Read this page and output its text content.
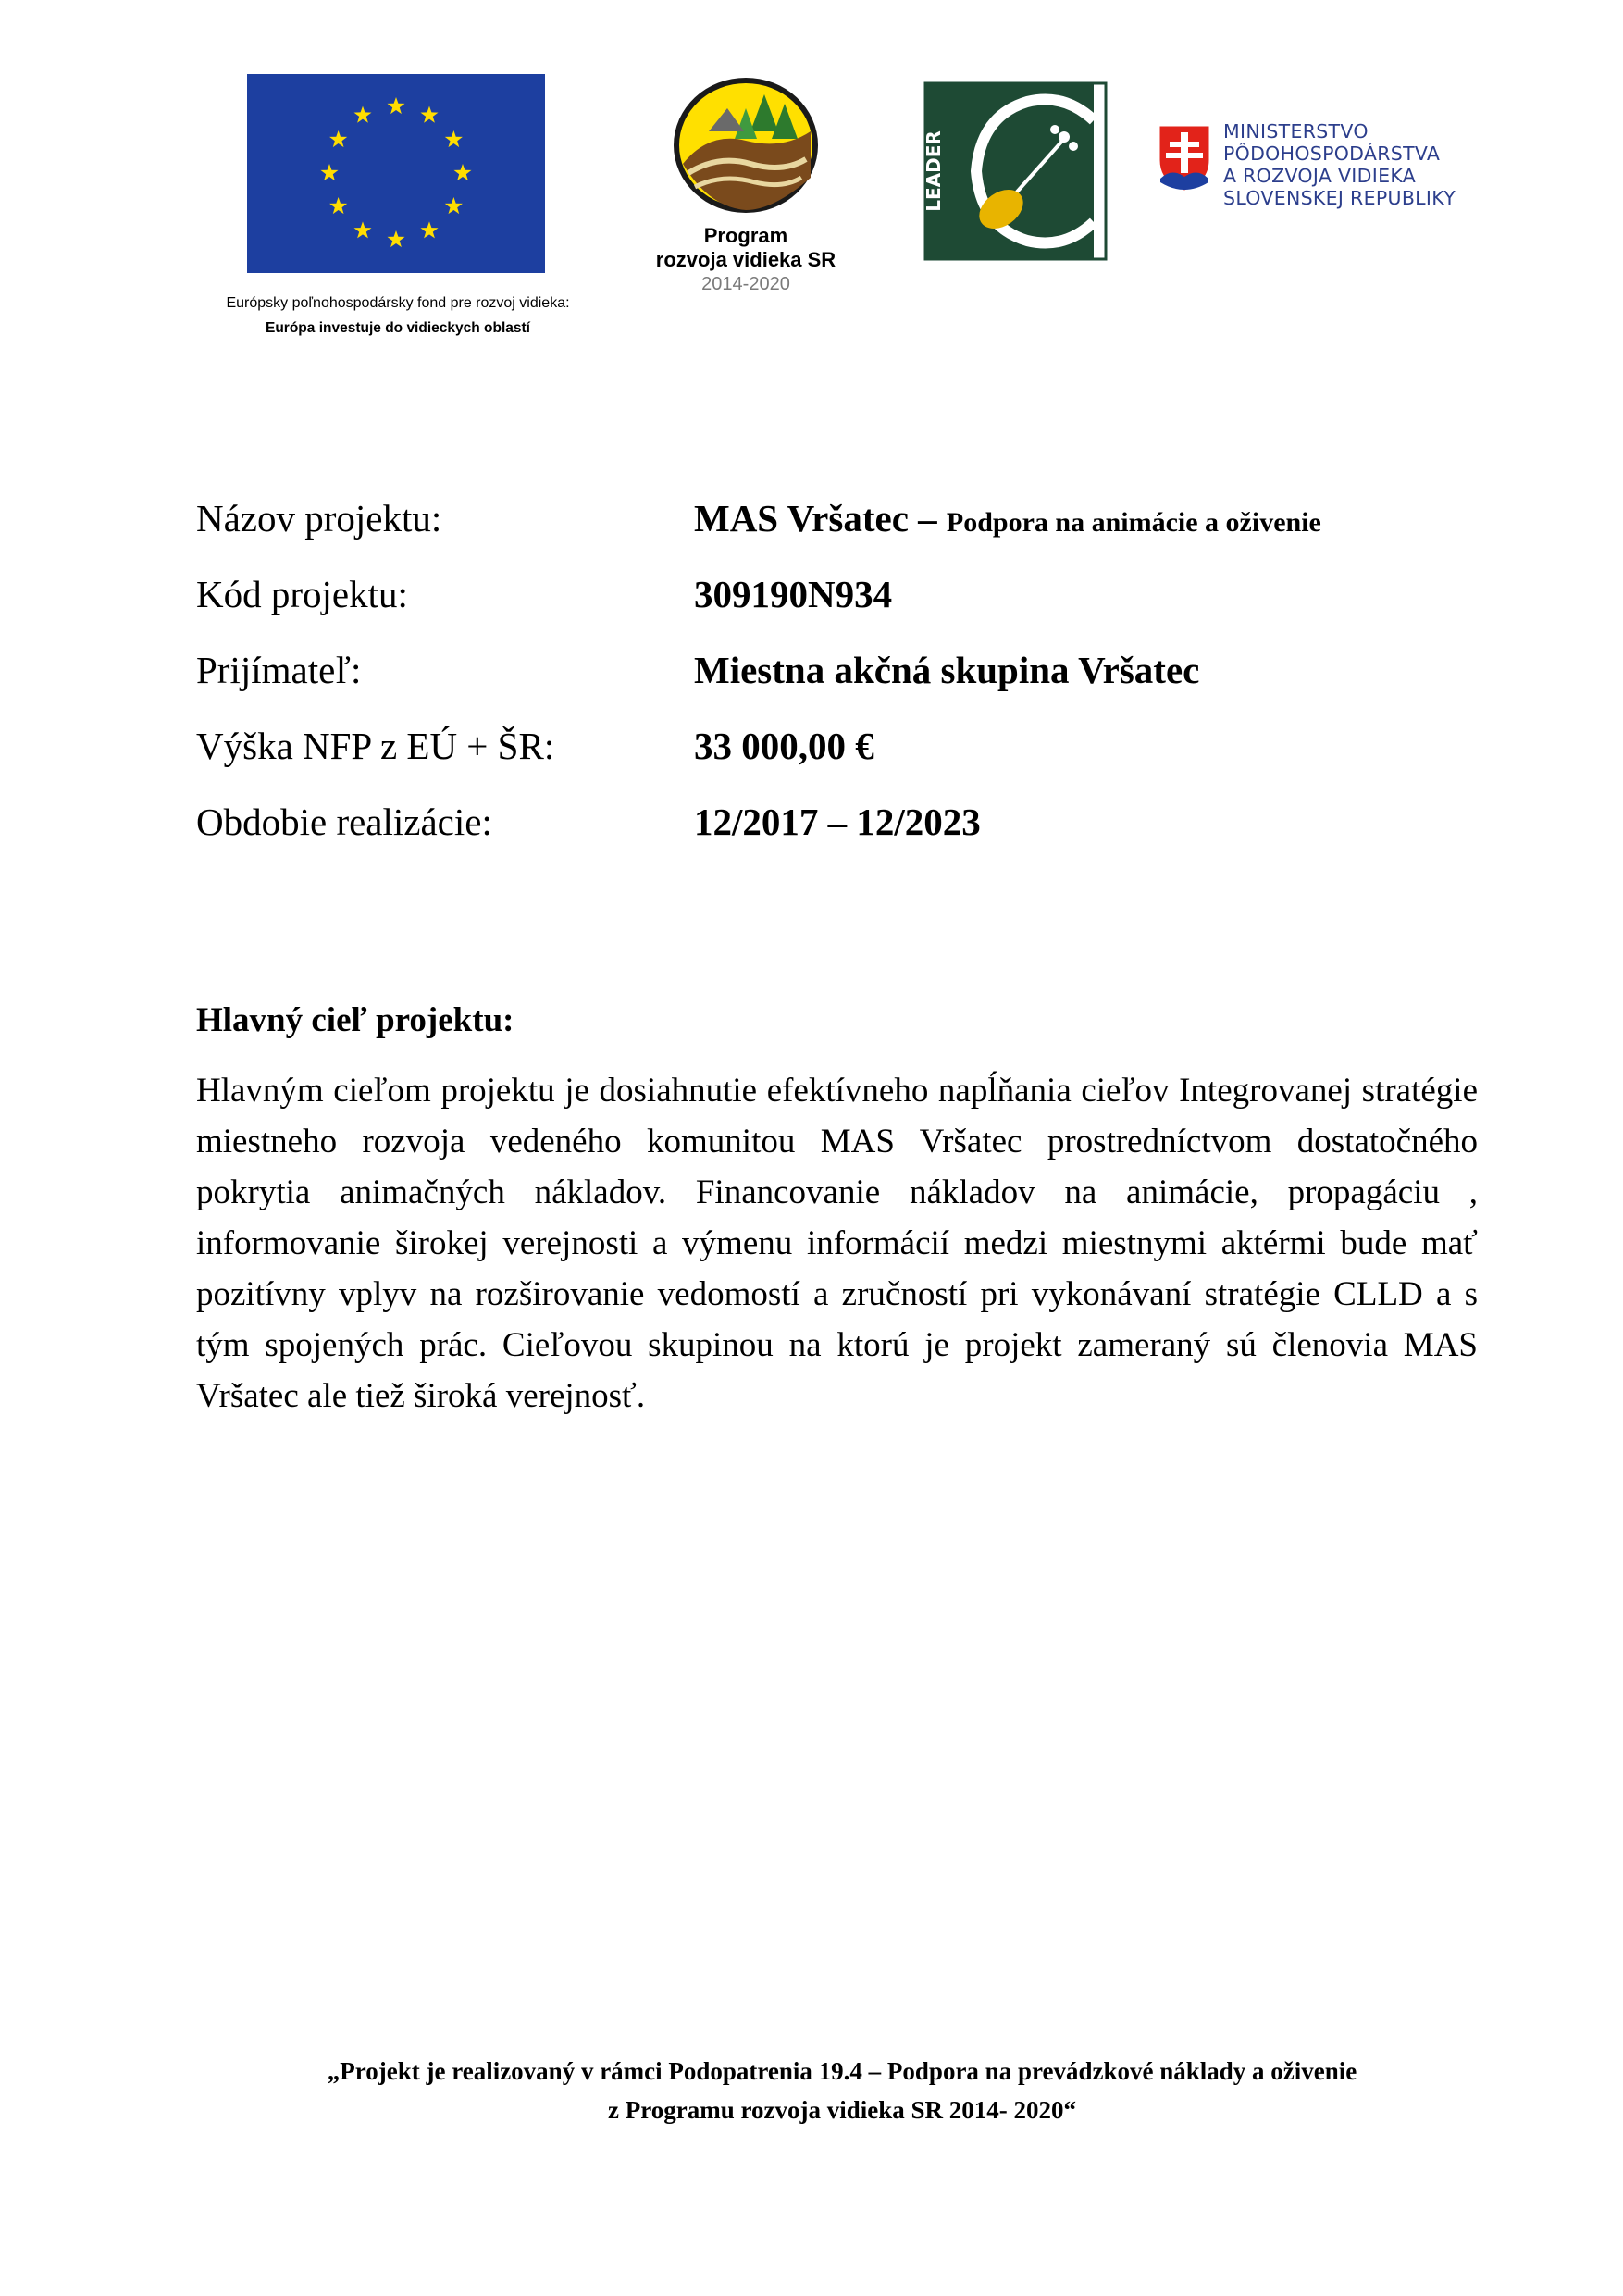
Európsky poľnohospodársky fond pre rozvoj vidieka:
Európa investuje do vidieckych oblastí
Program
rozvoja vidieka SR
2014-2020
LEADER	MINISTERSTVO
PÔDOHOSPODÁRSTVA
A ROZVOJA VIDIEKA
SLOVENSKEJ REPUBLIKY
Názov projektu:	MAS Vršatec – Podpora na animácie a oživenie
Kód projektu:	309190N934
Prijímateľ:	Miestna akčná skupina Vršatec
Výška NFP z EÚ + ŠR:	33 000,00 €
Obdobie realizácie:	12/2017 – 12/2023
Hlavný cieľ projektu:
Hlavným cieľom projektu je dosiahnutie efektívneho napĺňania cieľov Integrovanej stratégie miestneho rozvoja vedeného komunitou MAS Vršatec prostredníctvom dostatočného pokrytia animačných nákladov. Financovanie nákladov na animácie, propagáciu , informovanie širokej verejnosti a výmenu informácií medzi miestnymi aktérmi bude mať pozitívny vplyv na rozširovanie vedomostí a zručností pri vykonávaní stratégie CLLD a s tým spojených prác. Cieľovou skupinou na ktorú je projekt zameraný sú členovia MAS Vršatec ale tiež široká verejnosť.
„Projekt je realizovaný v rámci Podopatrenia 19.4 – Podpora na prevádzkové náklady a oživenie
z Programu rozvoja vidieka SR 2014- 2020“
